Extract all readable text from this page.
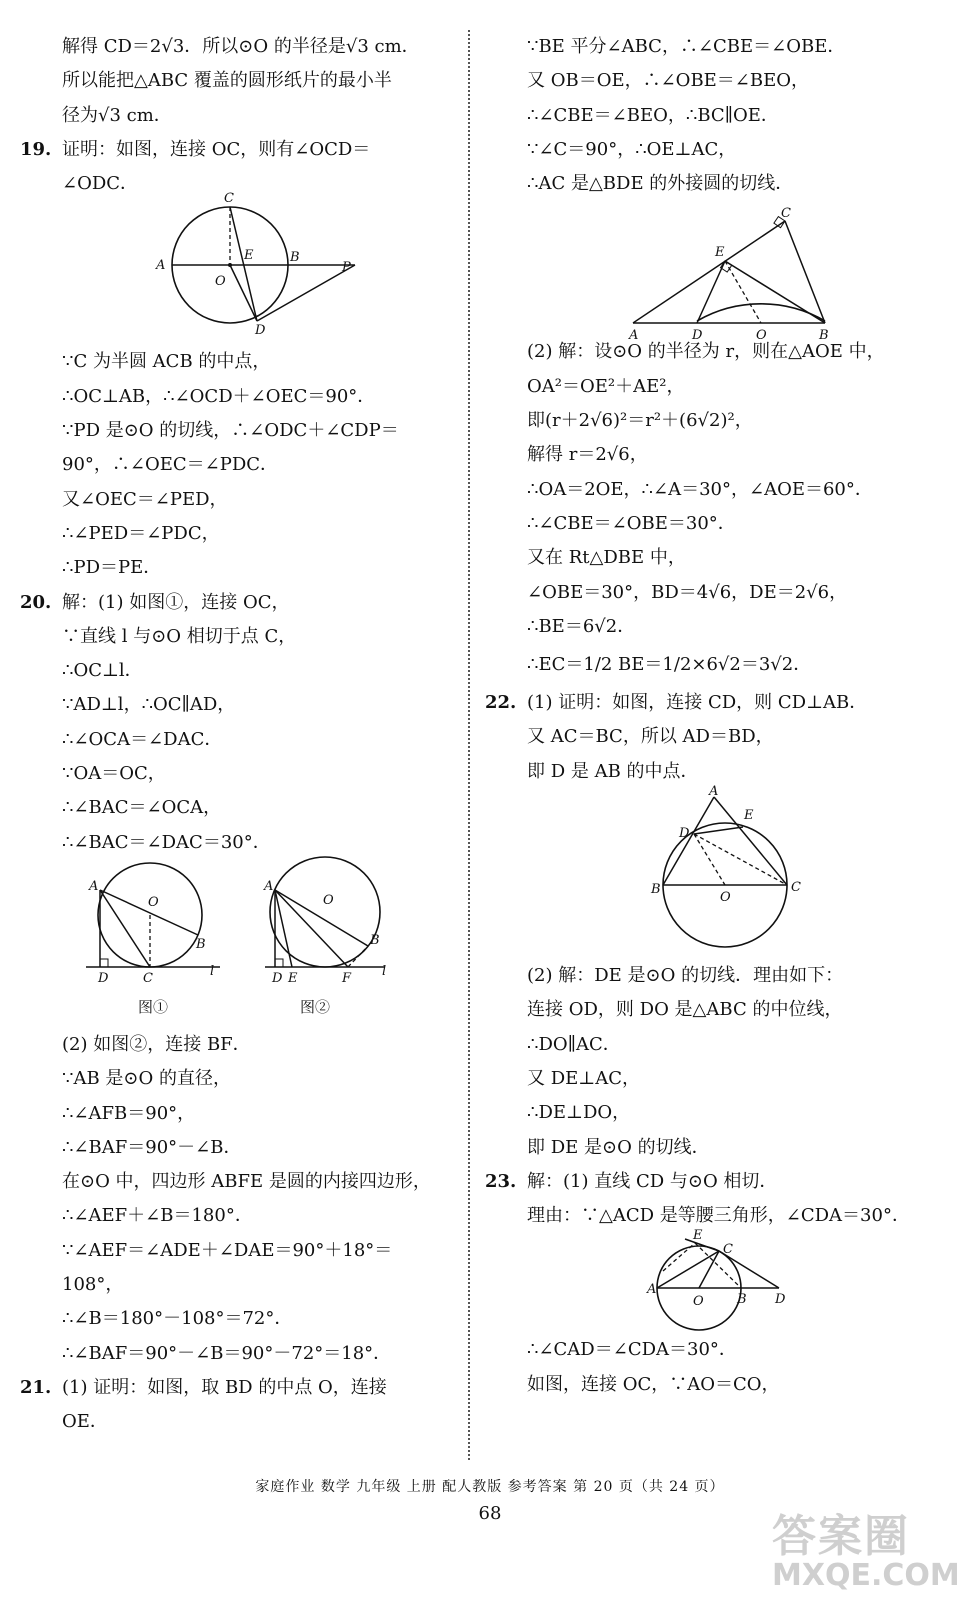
解得 CD＝2√3．所以⊙O 的半径是√3 cm．
所以能把△ABC 覆盖的圆形纸片的最小半
径为√3 cm．
19. 证明：如图，连接 OC，则有∠OCD＝
∠ODC．
C
A
O
E	B
P
D
∵C 为半圆 ACB 的中点，
∴OC⊥AB，∴∠OCD＋∠OEC＝90°．
∵PD 是⊙O 的切线，∴∠ODC＋∠CDP＝
90°，∴∠OEC＝∠PDC．
又∠OEC＝∠PED，
∴∠PED＝∠PDC，
∴PD＝PE．
20. 解：(1) 如图①，连接 OC，
∵直线 l 与⊙O 相切于点 C，
∴OC⊥l．
∵AD⊥l，∴OC∥AD，
∴∠OCA＝∠DAC．
∵OA＝OC，
∴∠BAC＝∠OCA，
∴∠BAC＝∠DAC＝30°．
A
O
B
D	C	l
A
O
B
D E	F l
图①	图②
(2) 如图②，连接 BF．
∵AB 是⊙O 的直径，
∴∠AFB＝90°，
∴∠BAF＝90°－∠B．
在⊙O 中，四边形 ABFE 是圆的内接四边形，
∴∠AEF＋∠B＝180°．
∵∠AEF＝∠ADE＋∠DAE＝90°＋18°＝
108°，
∴∠B＝180°－108°＝72°．
∴∠BAF＝90°－∠B＝90°－72°＝18°．
21. (1) 证明：如图，取 BD 的中点 O，连接
OE．
∵BE 平分∠ABC，∴∠CBE＝∠OBE．
又 OB＝OE，∴∠OBE＝∠BEO，
∴∠CBE＝∠BEO，∴BC∥OE．
∵∠C＝90°，∴OE⊥AC，
∴AC 是△BDE 的外接圆的切线．
E
C
A	D	O	B
(2) 解：设⊙O 的半径为 r，则在△AOE 中，
OA²＝OE²＋AE²，
即(r＋2√6)²＝r²＋(6√2)²，
解得 r＝2√6，
∴OA＝2OE，∴∠A＝30°，∠AOE＝60°．
∴∠CBE＝∠OBE＝30°．
又在 Rt△DBE 中，
∠OBE＝30°，BD＝4√6，DE＝2√6，
∴BE＝6√2．
∴EC＝1/2 BE＝1/2×6√2＝3√2．
22. (1) 证明：如图，连接 CD，则 CD⊥AB．
又 AC＝BC，所以 AD＝BD，
即 D 是 AB 的中点．
A
E
D
B
O
C
(2) 解：DE 是⊙O 的切线．理由如下：
连接 OD，则 DO 是△ABC 的中位线，
∴DO∥AC．
又 DE⊥AC，
∴DE⊥DO，
即 DE 是⊙O 的切线．
23. 解：(1) 直线 CD 与⊙O 相切．
理由：∵△ACD 是等腰三角形，∠CDA＝30°．
E
C
A
O	B D
∴∠CAD＝∠CDA＝30°．
如图，连接 OC，∵AO＝CO，
家庭作业 数学 九年级 上册 配人教版 参考答案 第 20 页（共 24 页）
68	答案圈
MXQE.COM
